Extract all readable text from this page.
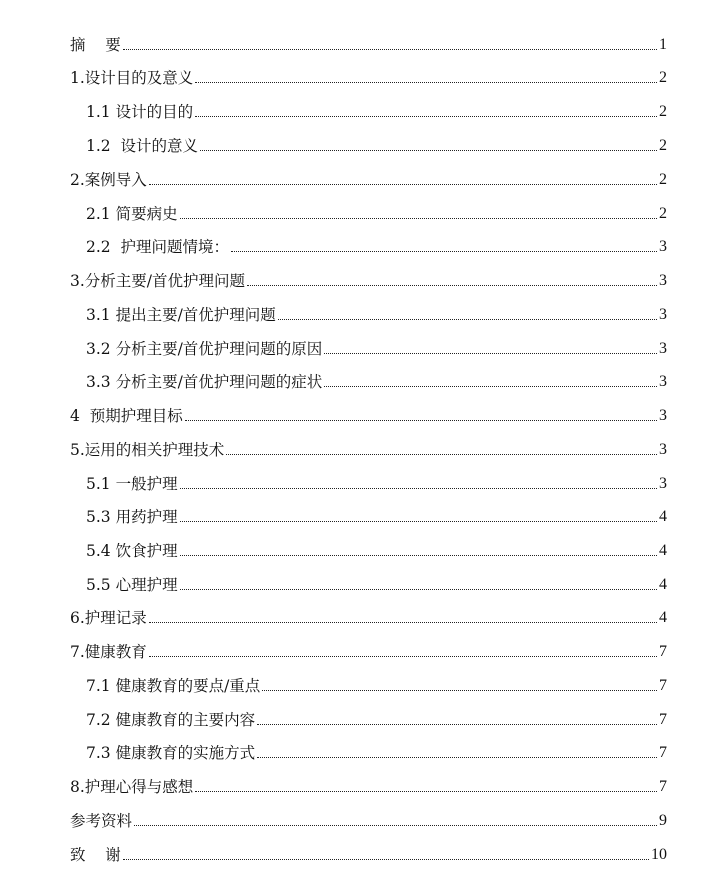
摘    要	1
1.设计目的及意义	2
1.1 设计的目的	2
1.2  设计的意义	2
2.案例导入	2
2.1 简要病史	2
2.2  护理问题情境：	3
3.分析主要/首优护理问题	3
3.1 提出主要/首优护理问题	3
3.2 分析主要/首优护理问题的原因	3
3.3 分析主要/首优护理问题的症状	3
4  预期护理目标	3
5.运用的相关护理技术	3
5.1 一般护理	3
5.3 用药护理	4
5.4 饮食护理	4
5.5 心理护理	4
6.护理记录	4
7.健康教育	7
7.1 健康教育的要点/重点	7
7.2 健康教育的主要内容	7
7.3 健康教育的实施方式	7
8.护理心得与感想	7
参考资料	9
致    谢	10
